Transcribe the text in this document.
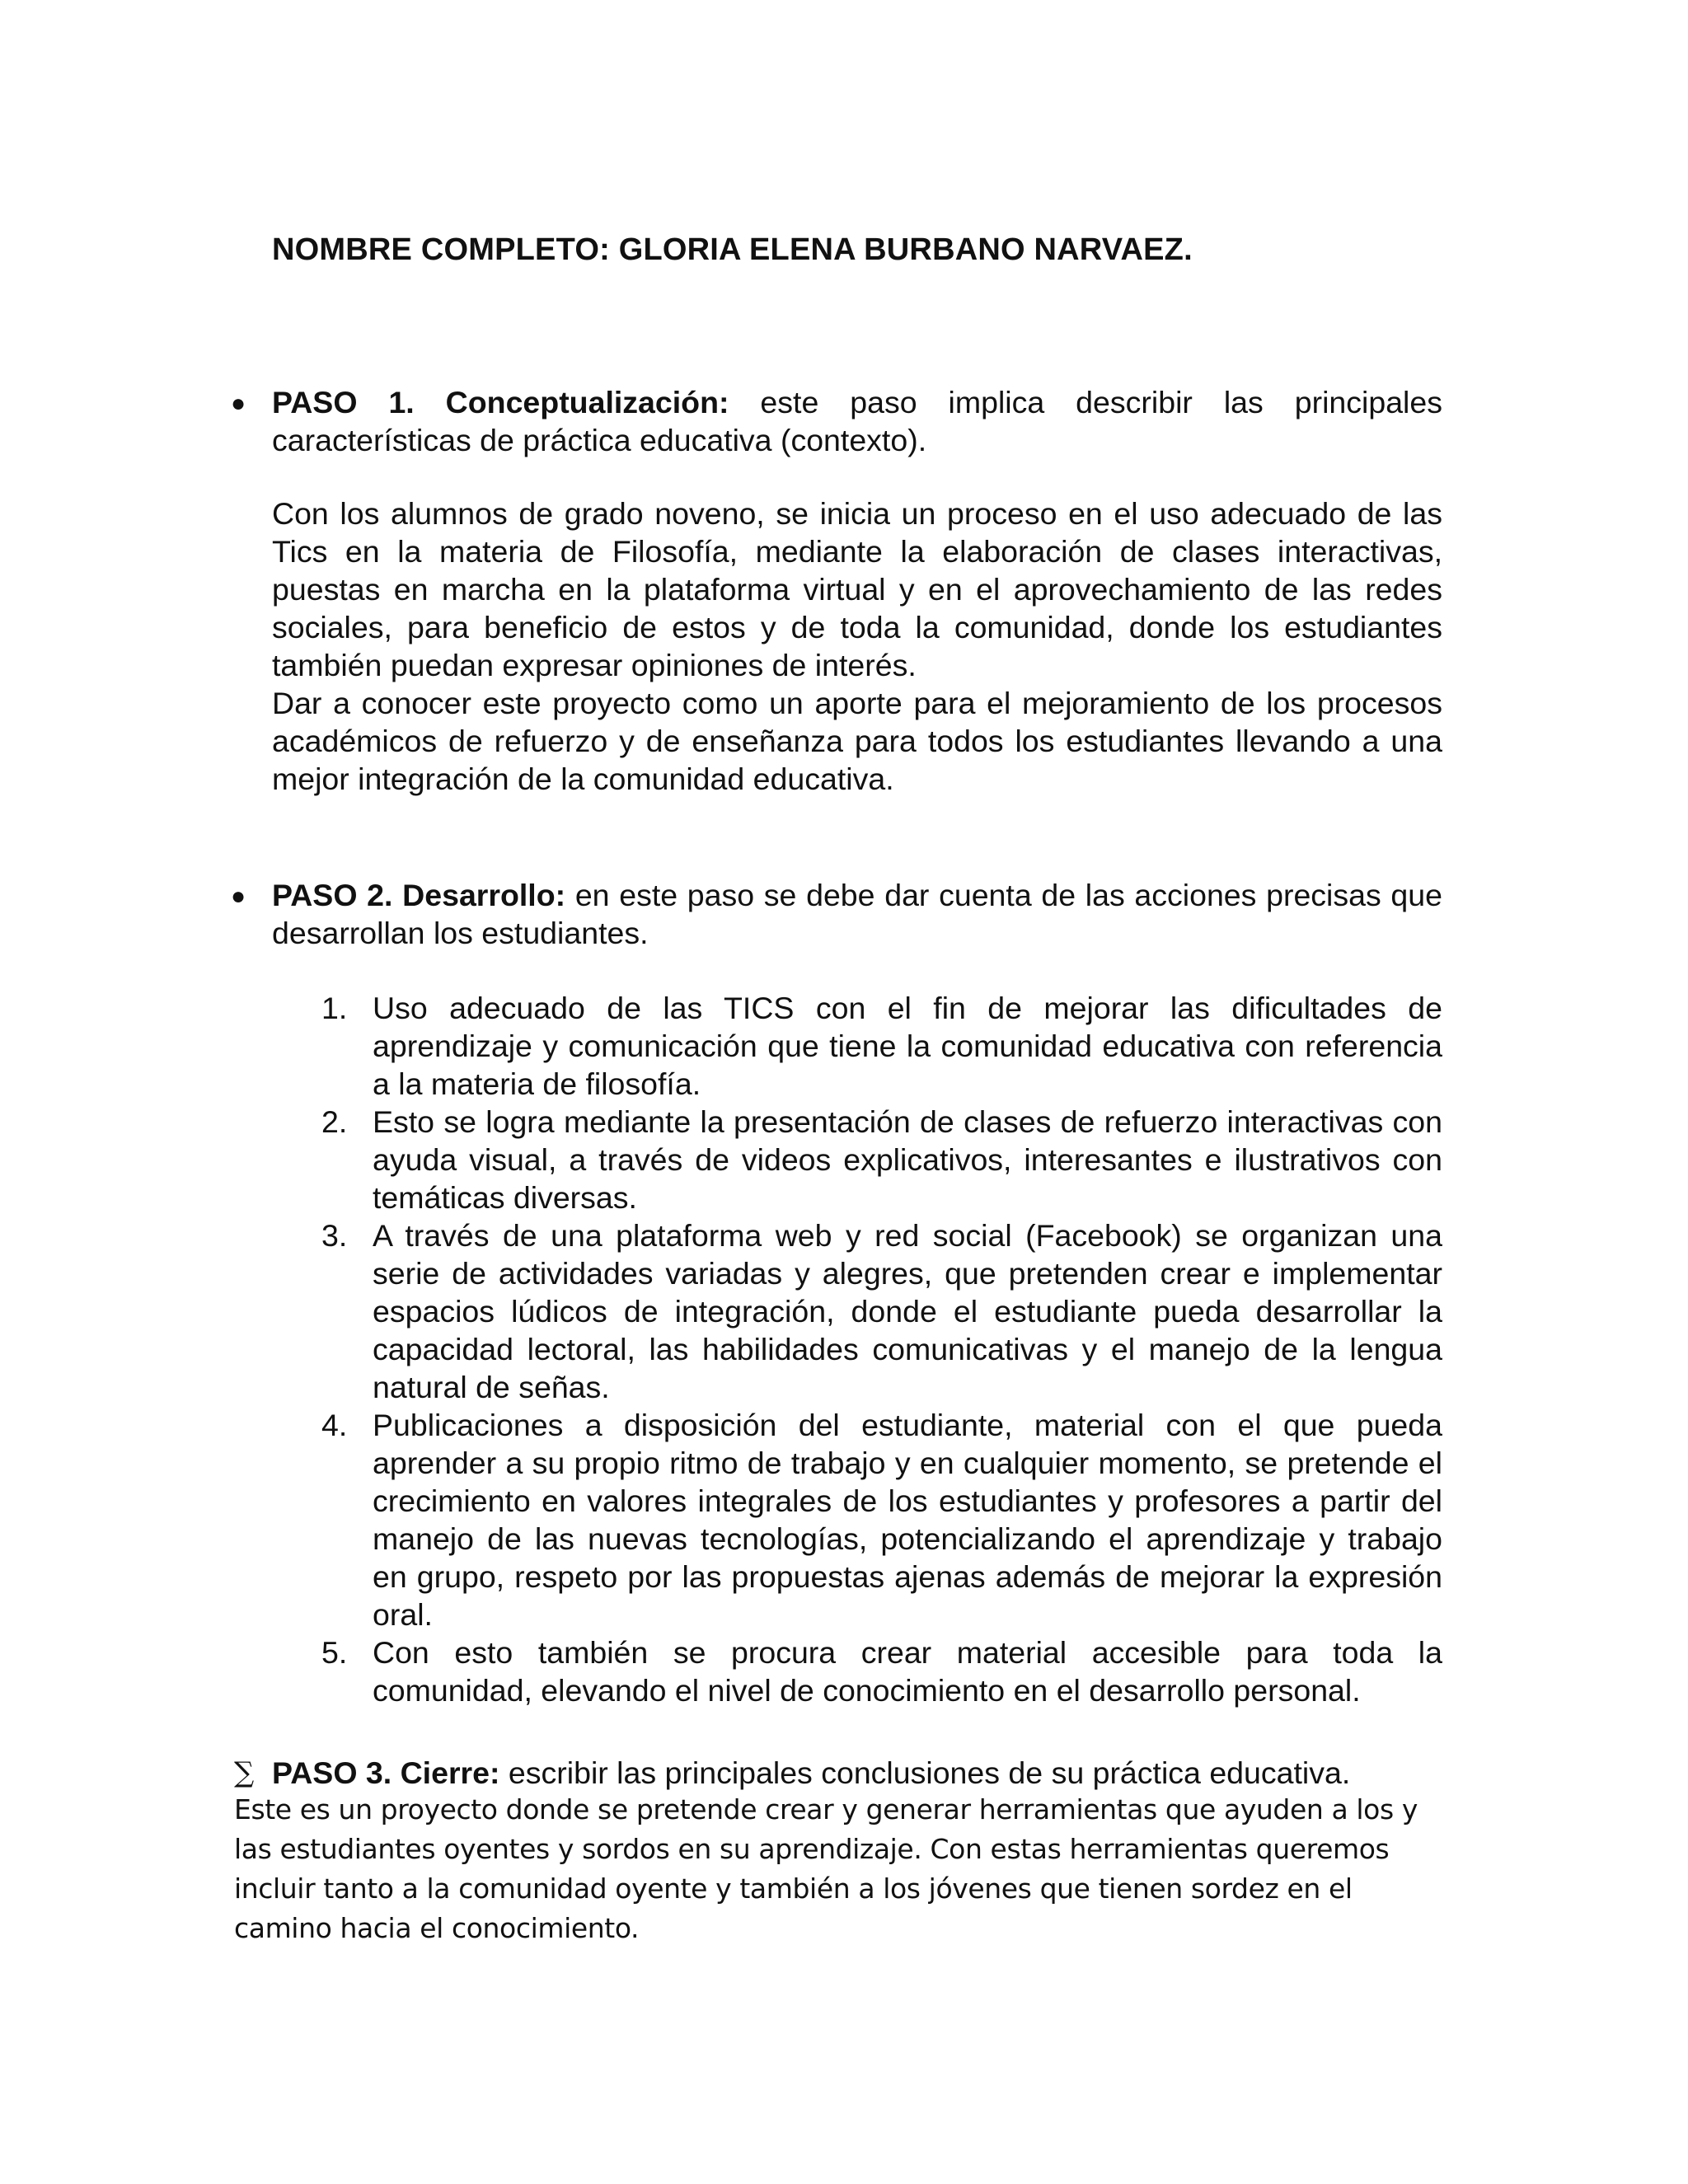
NOMBRE COMPLETO: GLORIA ELENA BURBANO NARVAEZ.
● PASO 1. Conceptualización: este paso implica describir las principales características de práctica educativa (contexto).

Con los alumnos de grado noveno, se inicia un proceso en el uso adecuado de las Tics en la materia de Filosofía, mediante la elaboración de clases interactivas, puestas en marcha en la plataforma virtual y en el aprovechamiento de las redes sociales, para beneficio de estos y de toda la comunidad, donde los estudiantes también puedan expresar opiniones de interés.

Dar a conocer este proyecto como un aporte para el mejoramiento de los procesos académicos de refuerzo y de enseñanza para todos los estudiantes llevando a una mejor integración de la comunidad educativa.

● PASO 2. Desarrollo: en este paso se debe dar cuenta de las acciones precisas que desarrollan los estudiantes.
1. Uso adecuado de las TICS con el fin de mejorar las dificultades de aprendizaje y comunicación que tiene la comunidad educativa con referencia a la materia de filosofía.
2. Esto se logra mediante la presentación de clases de refuerzo interactivas con ayuda visual, a través de videos explicativos, interesantes e ilustrativos con temáticas diversas.
3. A través de una plataforma web y red social (Facebook) se organizan una serie de actividades variadas y alegres, que pretenden crear e implementar espacios lúdicos de integración, donde el estudiante pueda desarrollar la capacidad lectoral, las habilidades comunicativas y el manejo de la lengua natural de señas.
4. Publicaciones a disposición del estudiante, material con el que pueda aprender a su propio ritmo de trabajo y en cualquier momento, se pretende el crecimiento en valores integrales de los estudiantes y profesores a partir del manejo de las nuevas tecnologías, potencializando el aprendizaje y trabajo en grupo, respeto por las propuestas ajenas además de mejorar la expresión oral.
5. Con esto también se procura crear material accesible para toda la comunidad, elevando el nivel de conocimiento en el desarrollo personal.
∑ PASO 3. Cierre: escribir las principales conclusiones de su práctica educativa.
Este es un proyecto donde se pretende crear y generar herramientas que ayuden a los y
las estudiantes oyentes y sordos en su aprendizaje. Con estas herramientas queremos
incluir tanto a la comunidad oyente y también a los jóvenes que tienen sordez en el
camino hacia el conocimiento.
